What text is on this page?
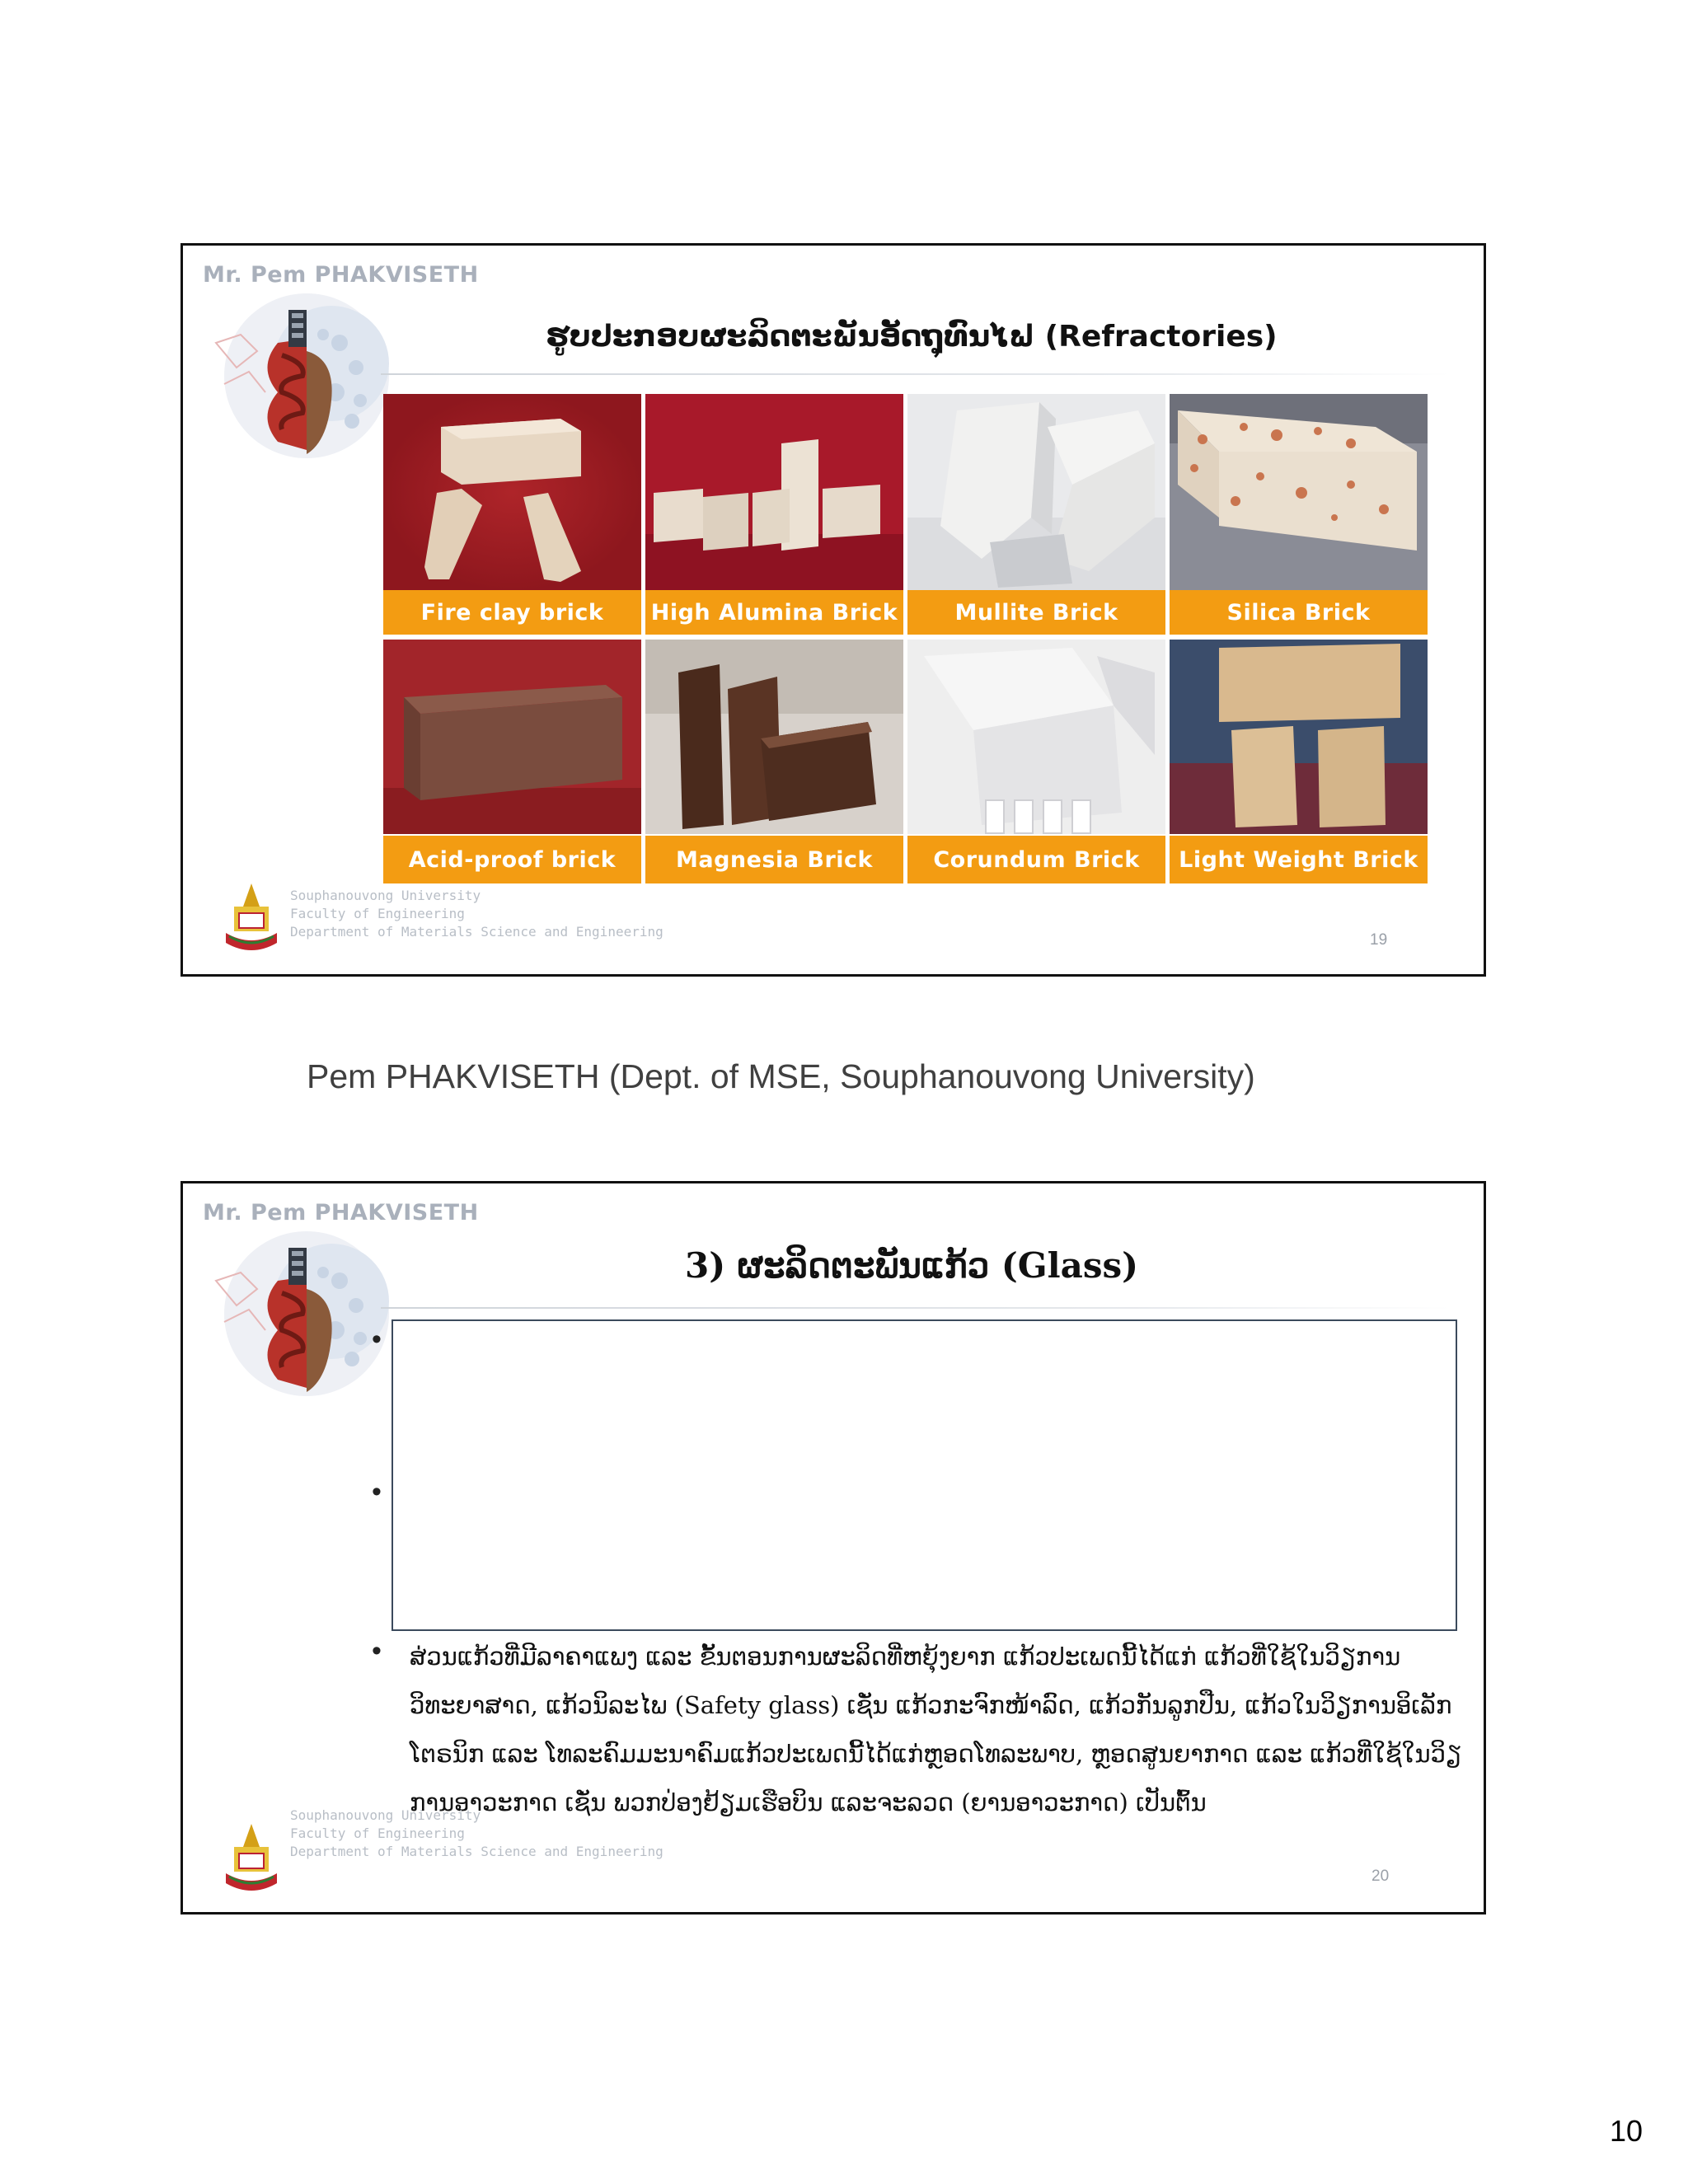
Mr. Pem PHAKVISETH
ຮູບປະກອບຜະລິດຕະພັນອັດຖຸທົນໄຟ (Refractories)
Fire clay brick	High Alumina Brick	Mullite Brick	Silica Brick
Acid-proof brick	Magnesia Brick	Corundum Brick	Light Weight Brick
Souphanouvong University
Faculty of Engineering
Department of Materials Science and Engineering	19
Pem PHAKVISETH (Dept. of MSE, Souphanouvong University)
Mr. Pem PHAKVISETH
3) ຜະລິດຕະພັນແກ້ວ (Glass)
•
•
• ສ່ວນແກ້ວທີ່ມີລາຄາແພງ ແລະ ຂັ້ນຕອນການຜະລິດທີ່ຫຍຸ້ງຍາກ ແກ້ວປະເພດນີ້ໄດ້ແກ່ ແກ້ວທີ່ໃຊ້ໃນວິຽການວິທະຍາສາດ, ແກ້ວນິລະໄພ (Safety glass) ເຊັ່ນ ແກ້ວກະຈົກໜ້າລົດ, ແກ້ວກັນລູກປືນ, ແກ້ວໃນວິຽການອິເລັກໂຕຣນິກ ແລະ ໂທລະຄົມມະນາຄົມແກ້ວປະເພດນີ້ໄດ້ແກ່ຫຼອດໂທລະພາບ, ຫຼອດສູນຍາກາດ ແລະ ແກ້ວທີ່ໃຊ້ໃນວິຽການອາວະກາດ ເຊັ່ນ ພວກປ່ອງຢ້ຽມເຮືອບິນ ແລະຈະລວດ (ຍານອາວະກາດ) ເປັນຕົ້ນ
Souphanouvong University
Faculty of Engineering
Department of Materials Science and Engineering
20
10
